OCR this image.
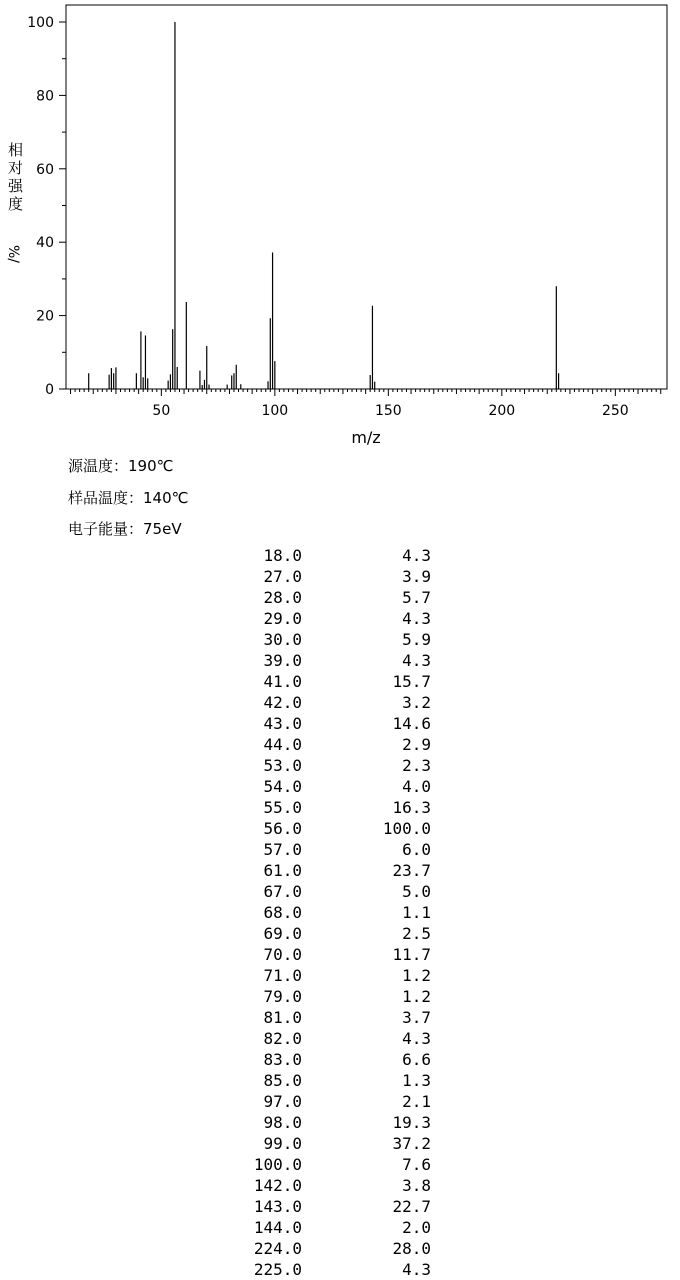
0
20
40
60
80
100
50	100	150	200	250
m/z
相对强度
%/
源温度：190℃
样品温度：140℃
电子能量：75eV
18.0	4.3
27.0	3.9
28.0	5.7
29.0	4.3
30.0	5.9
39.0	4.3
41.0	15.7
42.0	3.2
43.0	14.6
44.0	2.9
53.0	2.3
54.0	4.0
55.0	16.3
56.0	100.0
57.0	6.0
61.0	23.7
67.0	5.0
68.0	1.1
69.0	2.5
70.0	11.7
71.0	1.2
79.0	1.2
81.0	3.7
82.0	4.3
83.0	6.6
85.0	1.3
97.0	2.1
98.0	19.3
99.0	37.2
100.0	7.6
142.0	3.8
143.0	22.7
144.0	2.0
224.0	28.0
225.0	4.3
